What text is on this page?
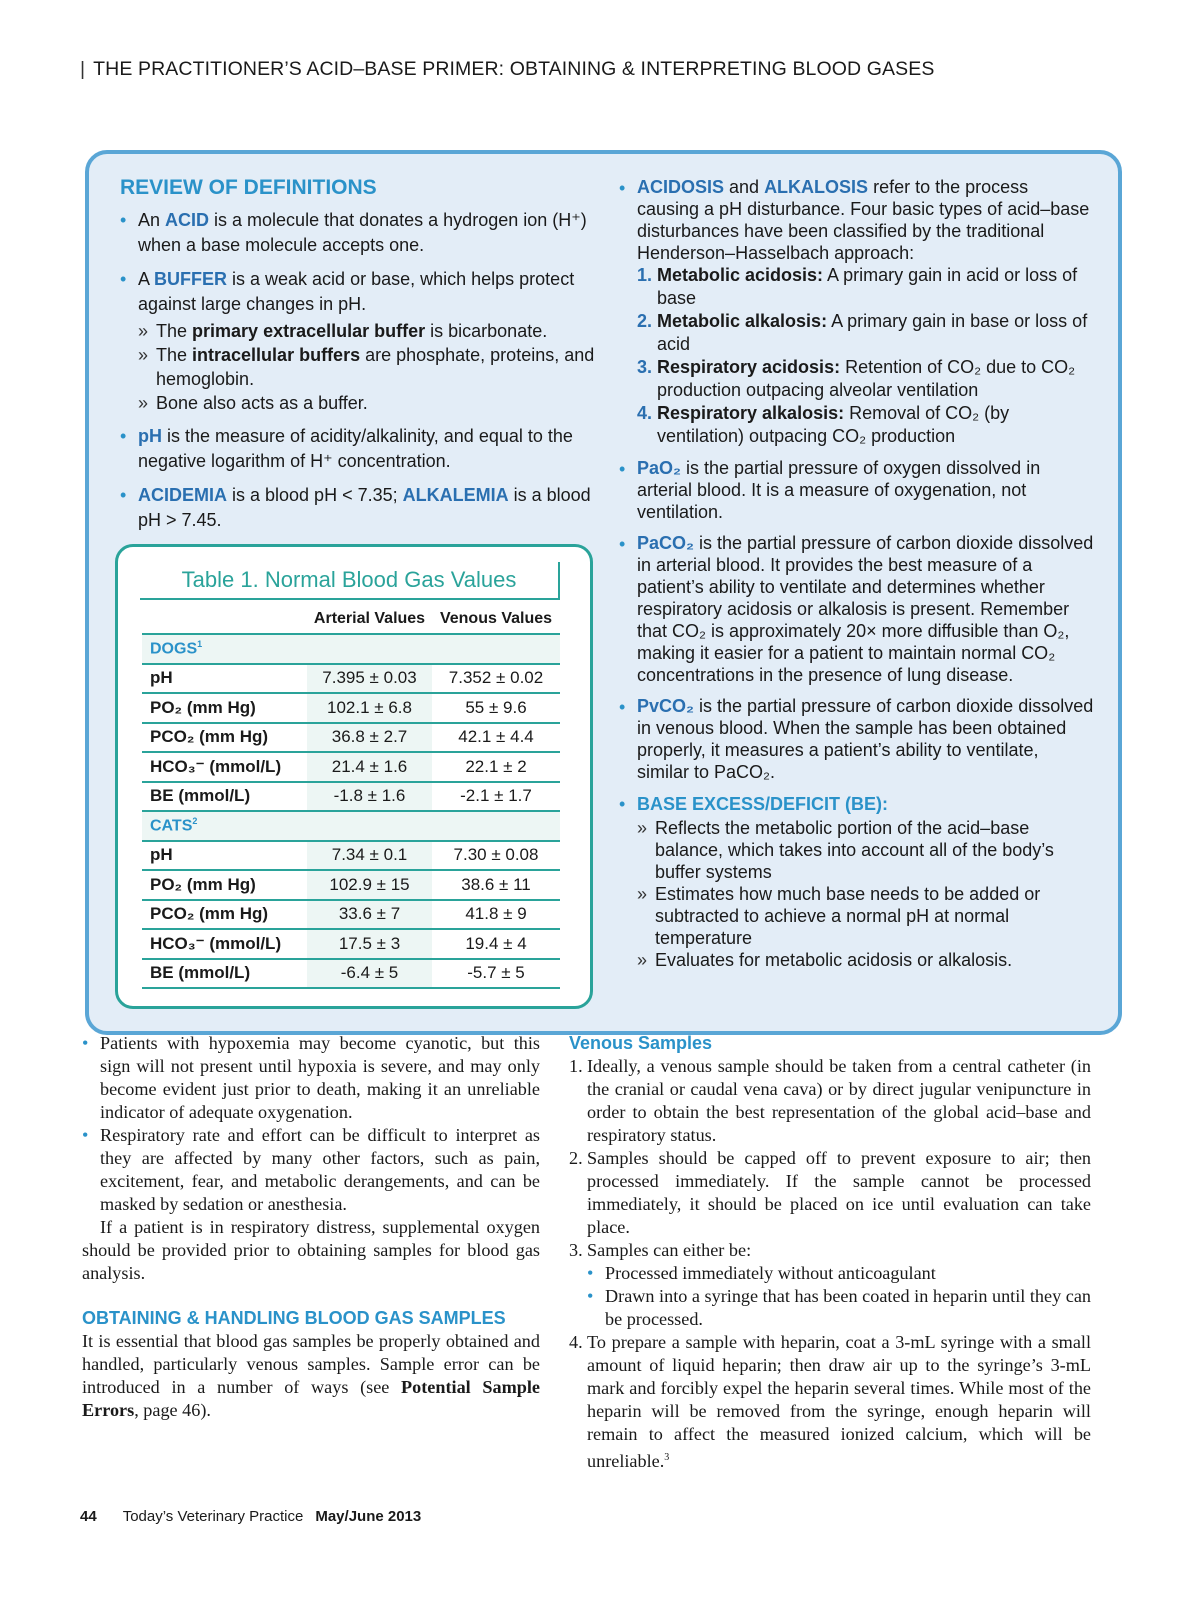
| THE PRACTITIONER’S ACID–BASE PRIMER: OBTAINING & INTERPRETING BLOOD GASES
REVIEW OF DEFINITIONS
• An ACID is a molecule that donates a hydrogen ion (H⁺) when a base molecule accepts one.
• A BUFFER is a weak acid or base, which helps protect against large changes in pH.
» The primary extracellular buffer is bicarbonate.
» The intracellular buffers are phosphate, proteins, and hemoglobin.
» Bone also acts as a buffer.
• pH is the measure of acidity/alkalinity, and equal to the negative logarithm of H⁺ concentration.
• ACIDEMIA is a blood pH < 7.35; ALKALEMIA is a blood pH > 7.45.
Table 1. Normal Blood Gas Values
	Arterial Values	Venous Values
DOGS$^1$
pH	7.395 ± 0.03	7.352 ± 0.02
PO₂ (mm Hg)	102.1 ± 6.8	55 ± 9.6
PCO₂ (mm Hg)	36.8 ± 2.7	42.1 ± 4.4
HCO₃⁻ (mmol/L)	21.4 ± 1.6	22.1 ± 2
BE (mmol/L)	-1.8 ± 1.6	-2.1 ± 1.7
CATS$^2$
pH	7.34 ± 0.1	7.30 ± 0.08
PO₂ (mm Hg)	102.9 ± 15	38.6 ± 11
PCO₂ (mm Hg)	33.6 ± 7	41.8 ± 9
HCO₃⁻ (mmol/L)	17.5 ± 3	19.4 ± 4
BE (mmol/L)	-6.4 ± 5	-5.7 ± 5
• ACIDOSIS and ALKALOSIS refer to the process causing a pH disturbance. Four basic types of acid–base disturbances have been classified by the traditional Henderson–Hasselbach approach:
1. Metabolic acidosis: A primary gain in acid or loss of base
2. Metabolic alkalosis: A primary gain in base or loss of acid
3. Respiratory acidosis: Retention of CO₂ due to CO₂ production outpacing alveolar ventilation
4. Respiratory alkalosis: Removal of CO₂ (by ventilation) outpacing CO₂ production
• PaO₂ is the partial pressure of oxygen dissolved in arterial blood. It is a measure of oxygenation, not ventilation.
• PaCO₂ is the partial pressure of carbon dioxide dissolved in arterial blood. It provides the best measure of a patient’s ability to ventilate and determines whether respiratory acidosis or alkalosis is present. Remember that CO₂ is approximately 20× more diffusible than O₂, making it easier for a patient to maintain normal CO₂ concentrations in the presence of lung disease.
• PvCO₂ is the partial pressure of carbon dioxide dissolved in venous blood. When the sample has been obtained properly, it measures a patient’s ability to ventilate, similar to PaCO₂.
• BASE EXCESS/DEFICIT (BE):
» Reflects the metabolic portion of the acid–base balance, which takes into account all of the body’s buffer systems
» Estimates how much base needs to be added or subtracted to achieve a normal pH at normal temperature
» Evaluates for metabolic acidosis or alkalosis.
• Patients with hypoxemia may become cyanotic, but this sign will not present until hypoxia is severe, and may only become evident just prior to death, making it an unreliable indicator of adequate oxygenation.
• Respiratory rate and effort can be difficult to interpret as they are affected by many other factors, such as pain, excitement, fear, and metabolic derangements, and can be masked by sedation or anesthesia.
If a patient is in respiratory distress, supplemental oxygen should be provided prior to obtaining samples for blood gas analysis.
OBTAINING & HANDLING BLOOD GAS SAMPLES
It is essential that blood gas samples be properly obtained and handled, particularly venous samples. Sample error can be introduced in a number of ways (see Potential Sample Errors, page 46).
Venous Samples
1. Ideally, a venous sample should be taken from a central catheter (in the cranial or caudal vena cava) or by direct jugular venipuncture in order to obtain the best representation of the global acid–base and respiratory status.
2. Samples should be capped off to prevent exposure to air; then processed immediately. If the sample cannot be processed immediately, it should be placed on ice until evaluation can take place.
3. Samples can either be:
• Processed immediately without anticoagulant
• Drawn into a syringe that has been coated in heparin until they can be processed.
4. To prepare a sample with heparin, coat a 3-mL syringe with a small amount of liquid heparin; then draw air up to the syringe’s 3-mL mark and forcibly expel the heparin several times. While most of the heparin will be removed from the syringe, enough heparin will remain to affect the measured ionized calcium, which will be unreliable.$^3$
44 Today’s Veterinary Practice May/June 2013
